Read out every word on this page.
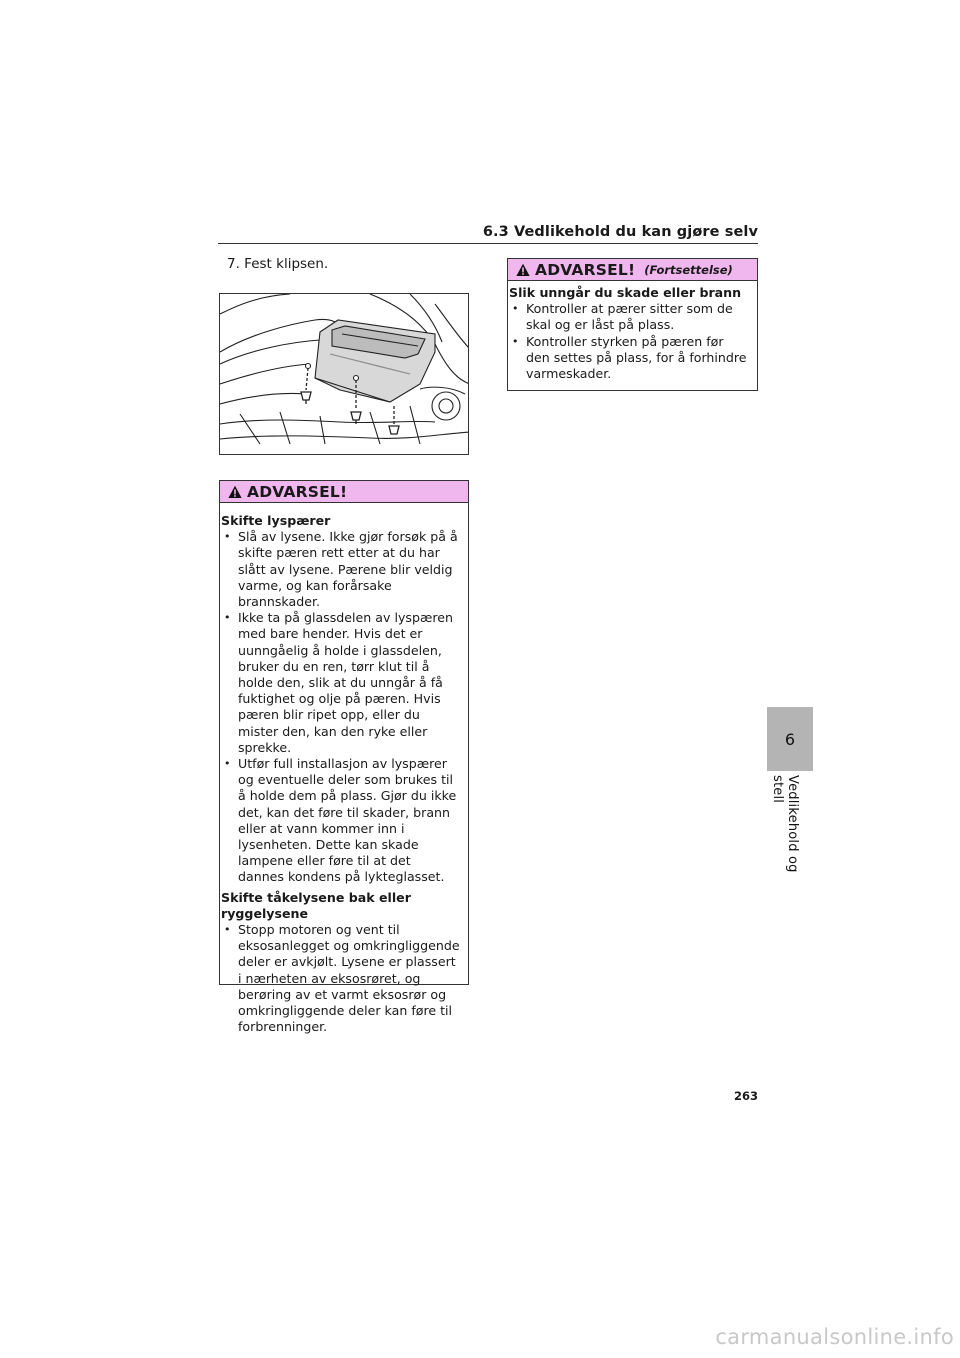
6.3 Vedlikehold du kan gjøre selv
7. Fest klipsen.
ADVARSEL!
Skifte lyspærer
• Slå av lysene. Ikke gjør forsøk på å skifte pæren rett etter at du har slått av lysene. Pærene blir veldig varme, og kan forårsake brannskader.
• Ikke ta på glassdelen av lyspæren med bare hender. Hvis det er uunngåelig å holde i glassdelen, bruker du en ren, tørr klut til å holde den, slik at du unngår å få fuktighet og olje på pæren. Hvis pæren blir ripet opp, eller du mister den, kan den ryke eller sprekke.
• Utfør full installasjon av lyspærer og eventuelle deler som brukes til å holde dem på plass. Gjør du ikke det, kan det føre til skader, brann eller at vann kommer inn i lysenheten. Dette kan skade lampene eller føre til at det dannes kondens på lykteglasset.
Skifte tåkelysene bak eller ryggelysene
• Stopp motoren og vent til eksosanlegget og omkringliggende deler er avkjølt. Lysene er plassert i nærheten av eksosrøret, og berøring av et varmt eksosrør og omkringliggende deler kan føre til forbrenninger.
ADVARSEL! (Fortsettelse)
Slik unngår du skade eller brann
• Kontroller at pærer sitter som de skal og er låst på plass.
• Kontroller styrken på pæren før den settes på plass, for å forhindre varmeskader.
6
Vedlikehold og stell
263
carmanualsonline.info
